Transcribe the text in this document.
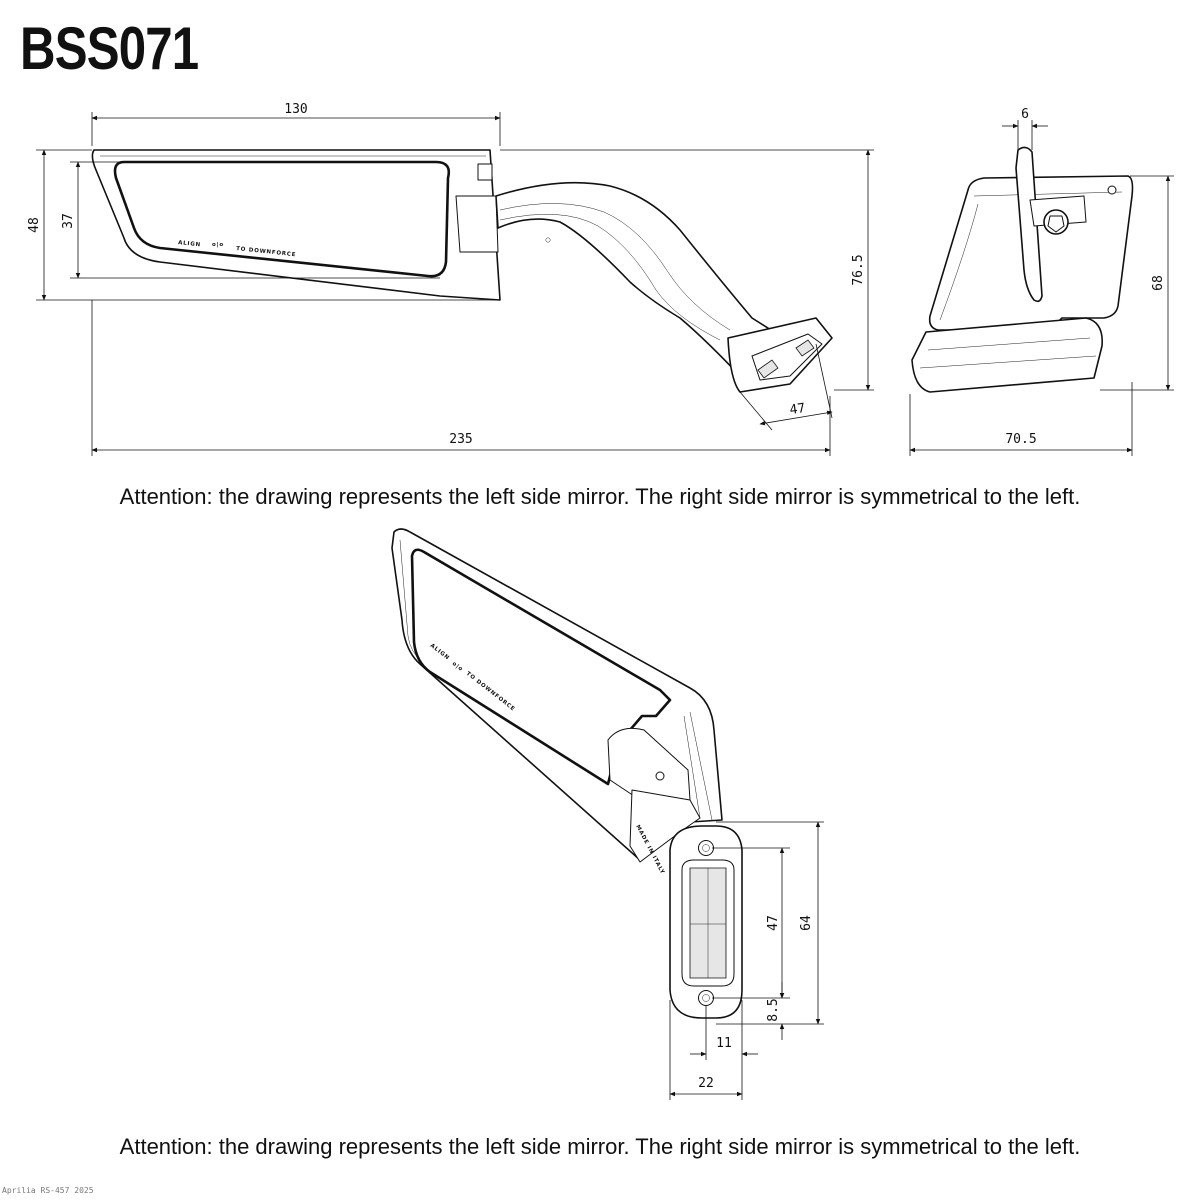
BSS071
Attention: the drawing represents the left side mirror. The right side mirror is symmetrical to the left.
Attention: the drawing represents the left side mirror. The right side mirror is symmetrical to the left.
Aprilia RS-457 2025
ALIGN o|o
TO DOWNFORCE
130
48 37
76.5
47
235
6
68
70.5
ALIGN
o|o
TO DOWNFORCE
MADE IN ITALY
47 64
8.5
11
22
